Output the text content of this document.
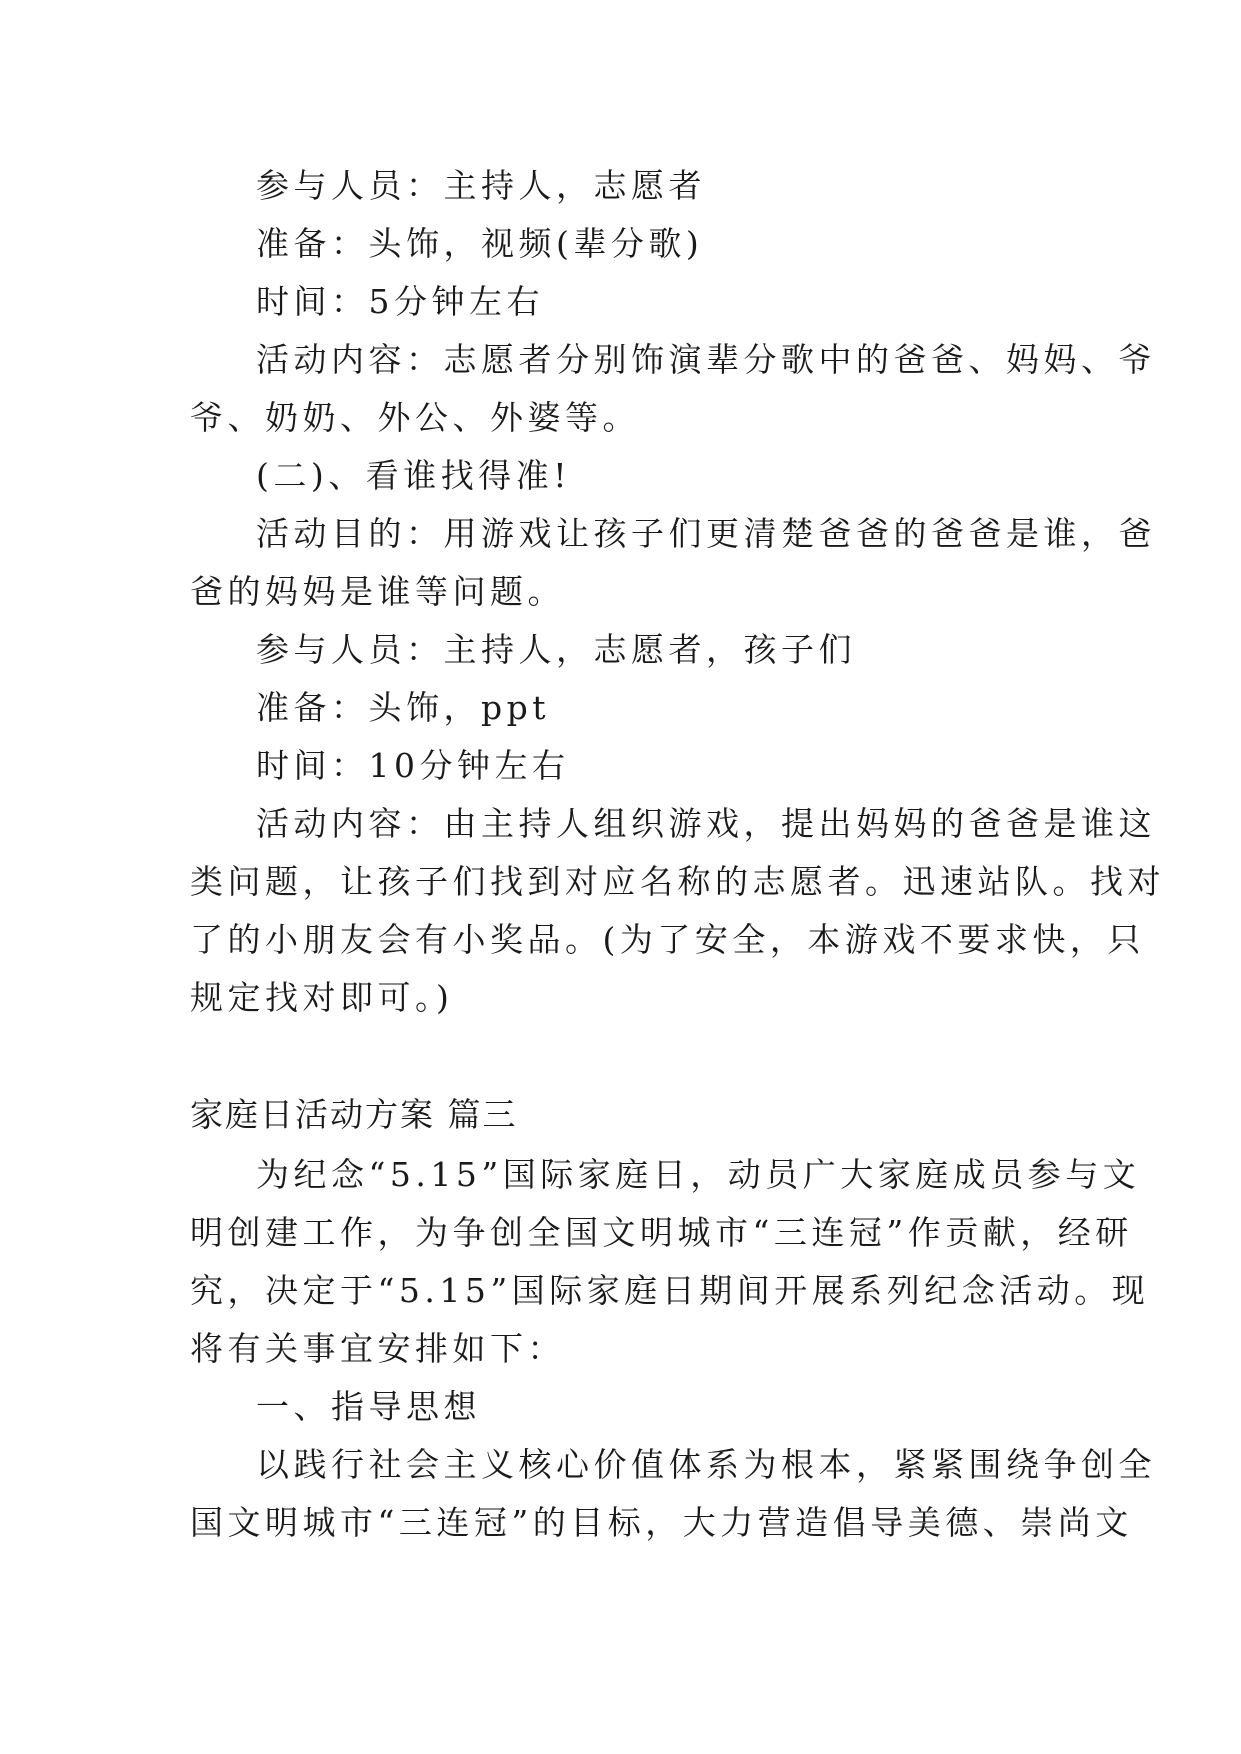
参与人员：主持人，志愿者
准备：头饰，视频(辈分歌)
时间：5分钟左右
活动内容：志愿者分别饰演辈分歌中的爸爸、妈妈、爷
爷、奶奶、外公、外婆等。
(二)、看谁找得准!
活动目的：用游戏让孩子们更清楚爸爸的爸爸是谁，爸
爸的妈妈是谁等问题。
参与人员：主持人，志愿者，孩子们
准备：头饰，ppt
时间：10分钟左右
活动内容：由主持人组织游戏，提出妈妈的爸爸是谁这
类问题，让孩子们找到对应名称的志愿者。迅速站队。找对
了的小朋友会有小奖品。(为了安全，本游戏不要求快，只
规定找对即可。)
家庭日活动方案 篇三
为纪念“5.15”国际家庭日，动员广大家庭成员参与文
明创建工作，为争创全国文明城市“三连冠”作贡献，经研
究，决定于“5.15”国际家庭日期间开展系列纪念活动。现
将有关事宜安排如下：
一、指导思想
以践行社会主义核心价值体系为根本，紧紧围绕争创全
国文明城市“三连冠”的目标，大力营造倡导美德、崇尚文
